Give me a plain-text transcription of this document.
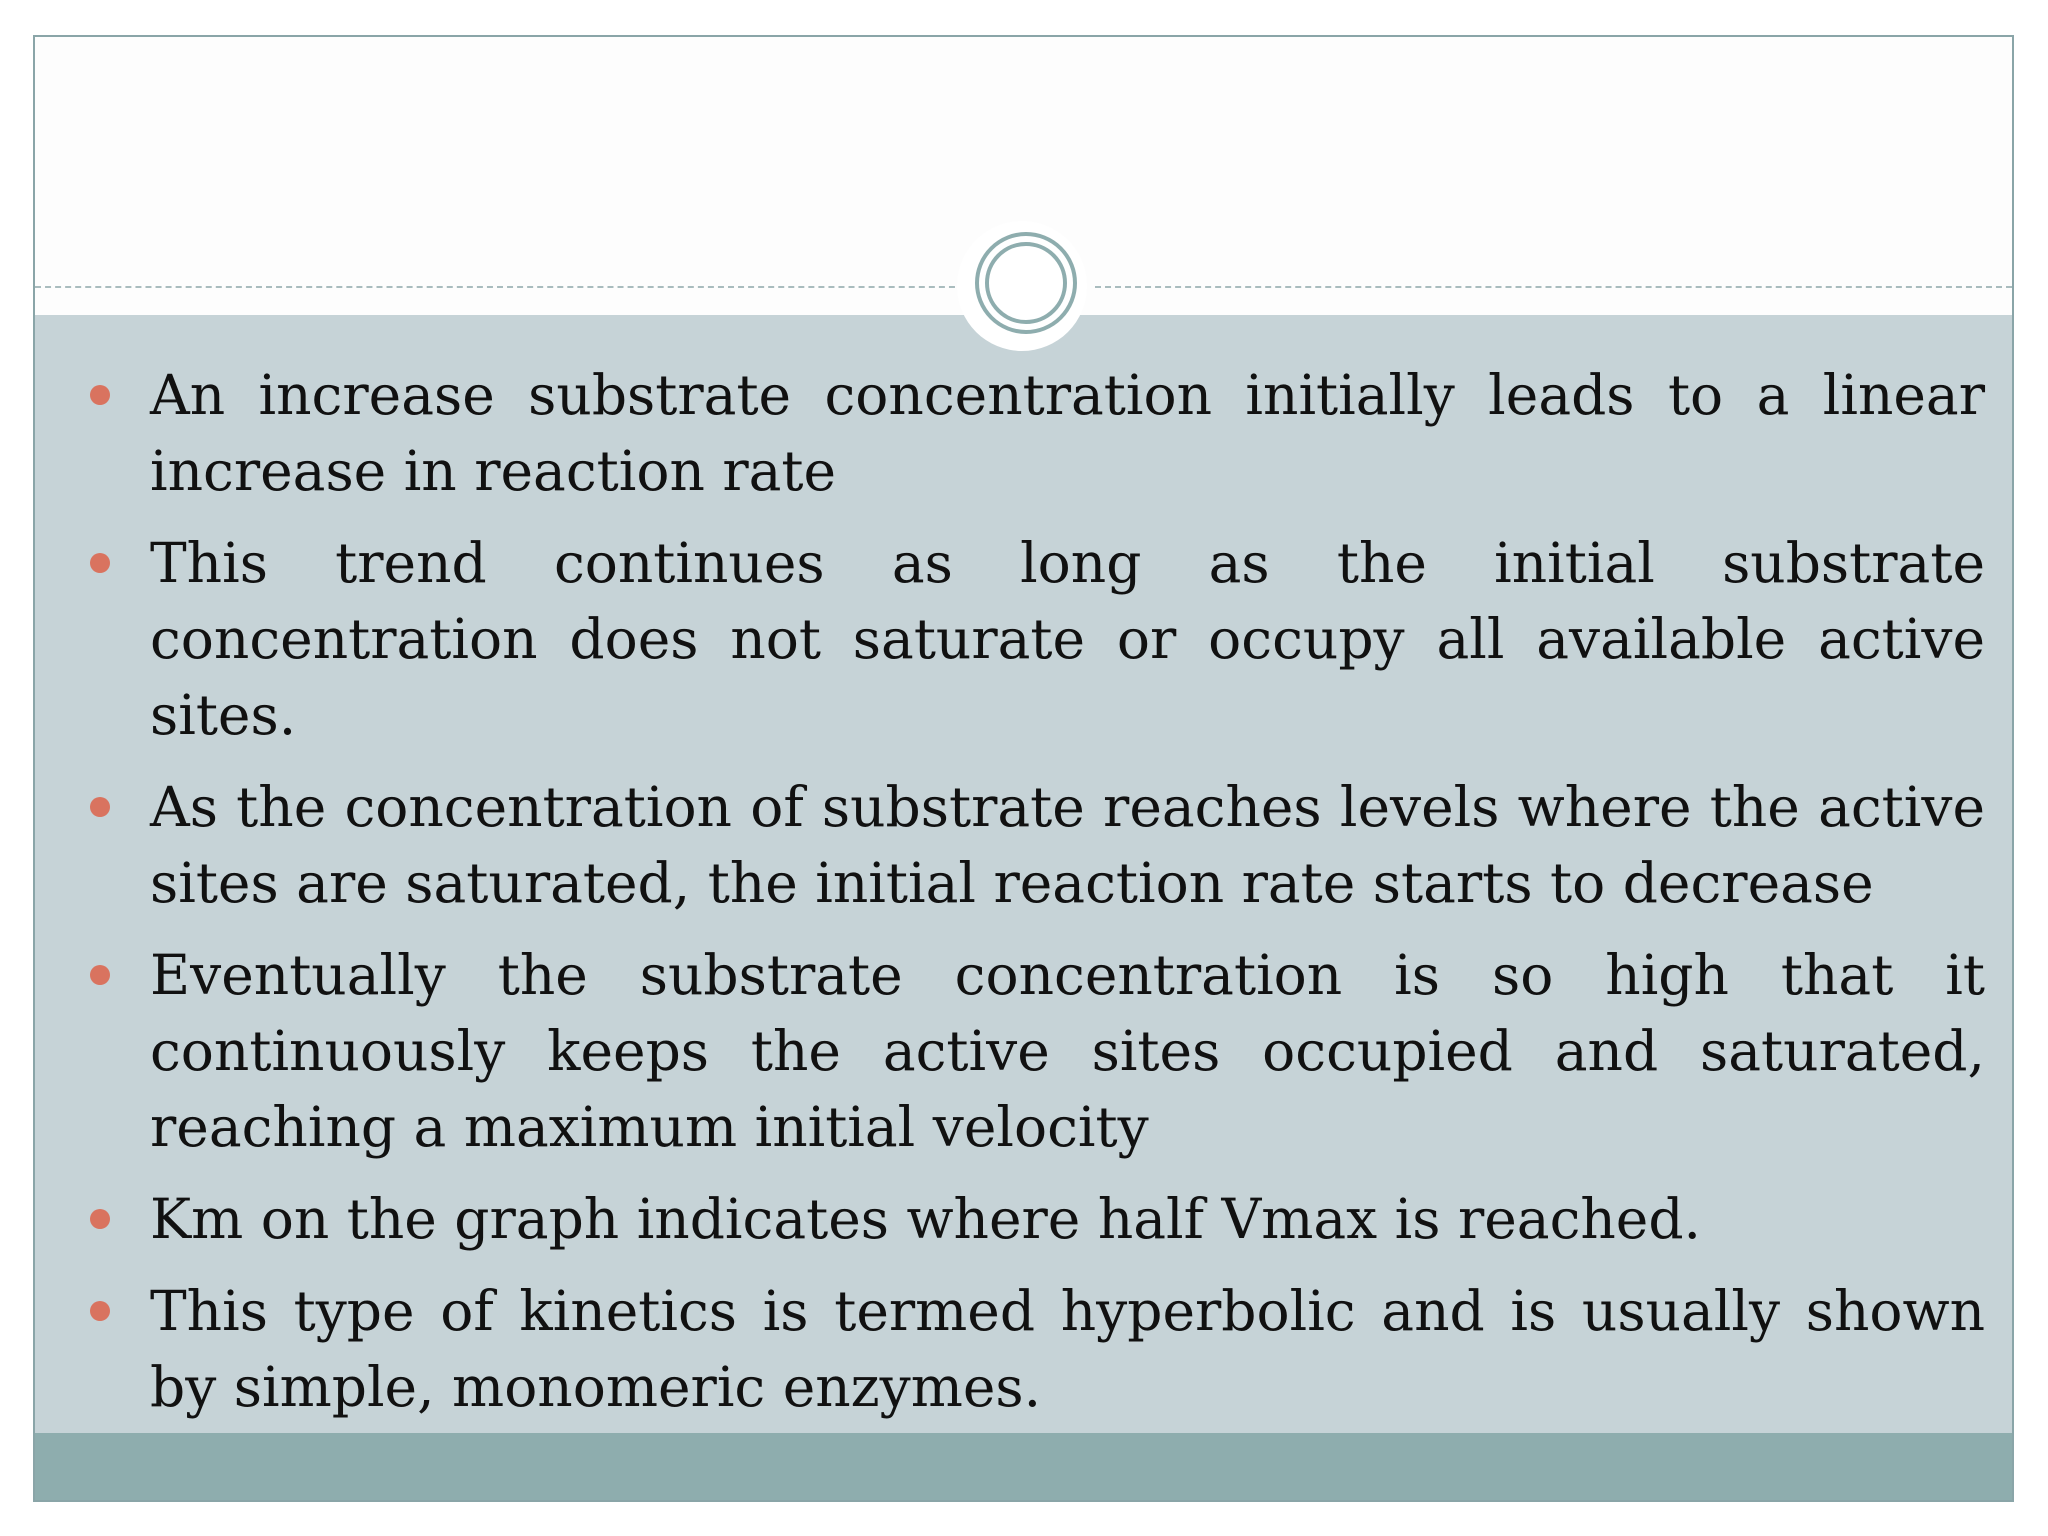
An increase substrate concentration initially leads to a linear increase in reaction rate
This trend continues as long as the initial substrate concentration does not saturate or occupy all available active sites.
As the concentration of substrate reaches levels where the active sites are saturated, the initial reaction rate starts to decrease
Eventually the substrate concentration is so high that it continuously keeps the active sites occupied and saturated, reaching a maximum initial velocity
Km on the graph indicates where half Vmax is reached.
This type of kinetics is termed hyperbolic and is usually shown by simple, monomeric enzymes.
